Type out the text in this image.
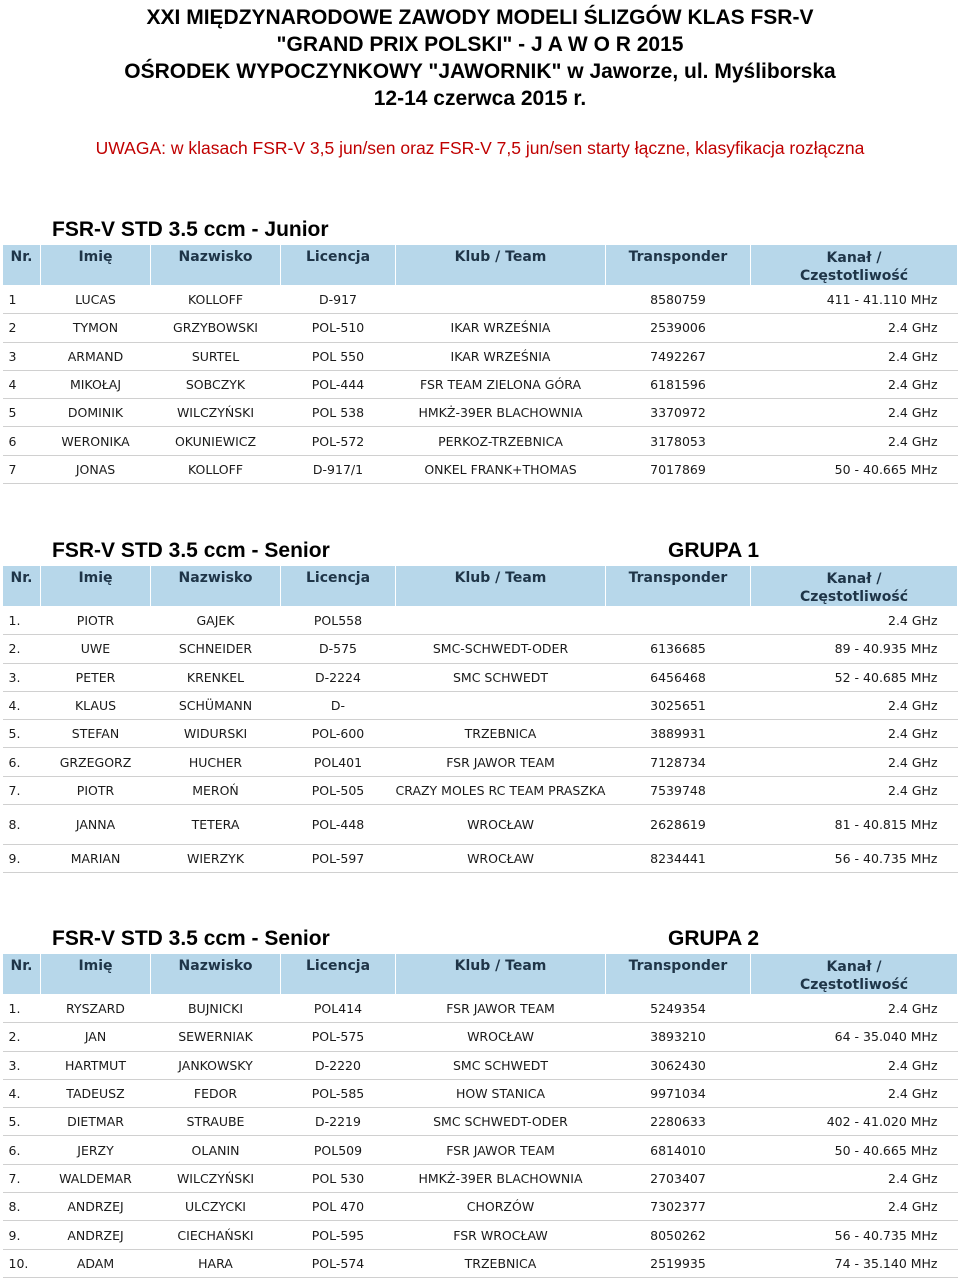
XXI MIĘDZYNARODOWE ZAWODY MODELI ŚLIZGÓW KLAS FSR-V
"GRAND PRIX POLSKI" - J A W O R 2015
OŚRODEK WYPOCZYNKOWY "JAWORNIK" w Jaworze, ul. Myśliborska
12-14 czerwca 2015 r.
UWAGA: w klasach FSR-V 3,5 jun/sen oraz FSR-V 7,5 jun/sen starty łączne, klasyfikacja rozłączna
FSR-V STD 3.5 ccm - Junior
Nr.	Imię	Nazwisko	Licencja	Klub / Team	Transponder	Kanał /
Częstotliwość

1	LUCAS	KOLLOFF	D-917		8580759	411 - 41.110 MHz
2	TYMON	GRZYBOWSKI	POL-510	IKAR WRZEŚNIA	2539006	2.4 GHz
3	ARMAND	SURTEL	POL 550	IKAR WRZEŚNIA	7492267	2.4 GHz
4	MIKOŁAJ	SOBCZYK	POL-444	FSR TEAM ZIELONA GÓRA	6181596	2.4 GHz
5	DOMINIK	WILCZYŃSKI	POL 538	HMKŻ-39ER BLACHOWNIA	3370972	2.4 GHz
6	WERONIKA	OKUNIEWICZ	POL-572	PERKOZ-TRZEBNICA	3178053	2.4 GHz
7	JONAS	KOLLOFF	D-917/1	ONKEL FRANK+THOMAS	7017869	50 - 40.665 MHz
FSR-V STD 3.5 ccm - Senior	GRUPA 1
Nr.	Imię	Nazwisko	Licencja	Klub / Team	Transponder	Kanał /
Częstotliwość

1.	PIOTR	GAJEK	POL558			2.4 GHz
2.	UWE	SCHNEIDER	D-575	SMC-SCHWEDT-ODER	6136685	89 - 40.935 MHz
3.	PETER	KRENKEL	D-2224	SMC SCHWEDT	6456468	52 - 40.685 MHz
4.	KLAUS	SCHÜMANN	D-		3025651	2.4 GHz
5.	STEFAN	WIDURSKI	POL-600	TRZEBNICA	3889931	2.4 GHz
6.	GRZEGORZ	HUCHER	POL401	FSR JAWOR TEAM	7128734	2.4 GHz
7.	PIOTR	MEROŃ	POL-505	CRAZY MOLES RC TEAM PRASZKA	7539748	2.4 GHz
8.	JANNA	TETERA	POL-448	WROCŁAW	2628619	81 - 40.815 MHz
9.	MARIAN	WIERZYK	POL-597	WROCŁAW	8234441	56 - 40.735 MHz
FSR-V STD 3.5 ccm - Senior	GRUPA 2
Nr.	Imię	Nazwisko	Licencja	Klub / Team	Transponder	Kanał /
Częstotliwość

1.	RYSZARD	BUJNICKI	POL414	FSR JAWOR TEAM	5249354	2.4 GHz
2.	JAN	SEWERNIAK	POL-575	WROCŁAW	3893210	64 - 35.040 MHz
3.	HARTMUT	JANKOWSKY	D-2220	SMC SCHWEDT	3062430	2.4 GHz
4.	TADEUSZ	FEDOR	POL-585	HOW STANICA	9971034	2.4 GHz
5.	DIETMAR	STRAUBE	D-2219	SMC SCHWEDT-ODER	2280633	402 - 41.020 MHz
6.	JERZY	OLANIN	POL509	FSR JAWOR TEAM	6814010	50 - 40.665 MHz
7.	WALDEMAR	WILCZYŃSKI	POL 530	HMKŻ-39ER BLACHOWNIA	2703407	2.4 GHz
8.	ANDRZEJ	ULCZYCKI	POL 470	CHORZÓW	7302377	2.4 GHz
9.	ANDRZEJ	CIECHAŃSKI	POL-595	FSR WROCŁAW	8050262	56 - 40.735 MHz
10.	ADAM	HARA	POL-574	TRZEBNICA	2519935	74 - 35.140 MHz
